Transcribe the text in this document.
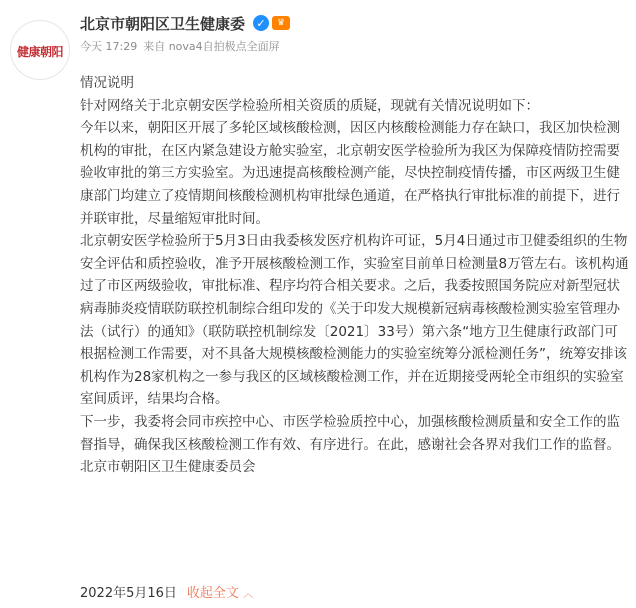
健康朝阳
北京市朝阳区卫生健康委	✓	♛
今天 17:29 来自 nova4自拍极点全面屏

情况说明

针对网络关于北京朝安医学检验所相关资质的质疑，现就有关情况说明如下：

今年以来，朝阳区开展了多轮区域核酸检测，因区内核酸检测能力存在缺口，我区加快检测机构的审批，在区内紧急建设方舱实验室，北京朝安医学检验所为我区为保障疫情防控需要验收审批的第三方实验室。为迅速提高核酸检测产能，尽快控制疫情传播，市区两级卫生健康部门均建立了疫情期间核酸检测机构审批绿色通道，在严格执行审批标准的前提下，进行并联审批，尽量缩短审批时间。

北京朝安医学检验所于5月3日由我委核发医疗机构许可证，5月4日通过市卫健委组织的生物安全评估和质控验收，准予开展核酸检测工作，实验室目前单日检测量8万管左右。该机构通过了市区两级验收，审批标准、程序均符合相关要求。之后，我委按照国务院应对新型冠状病毒肺炎疫情联防联控机制综合组印发的《关于印发大规模新冠病毒核酸检测实验室管理办法（试行）的通知》（联防联控机制综发〔2021〕33号）第六条“地方卫生健康行政部门可根据检测工作需要，对不具备大规模核酸检测能力的实验室统筹分派检测任务”，统筹安排该机构作为28家机构之一参与我区的区域核酸检测工作，并在近期接受两轮全市组织的实验室室间质评，结果均合格。

下一步，我委将会同市疾控中心、市医学检验质控中心，加强核酸检测质量和安全工作的监督指导，确保我区核酸检测工作有效、有序进行。在此，感谢社会各界对我们工作的监督。

北京市朝阳区卫生健康委员会

2022年5月16日 收起全文 ︿
